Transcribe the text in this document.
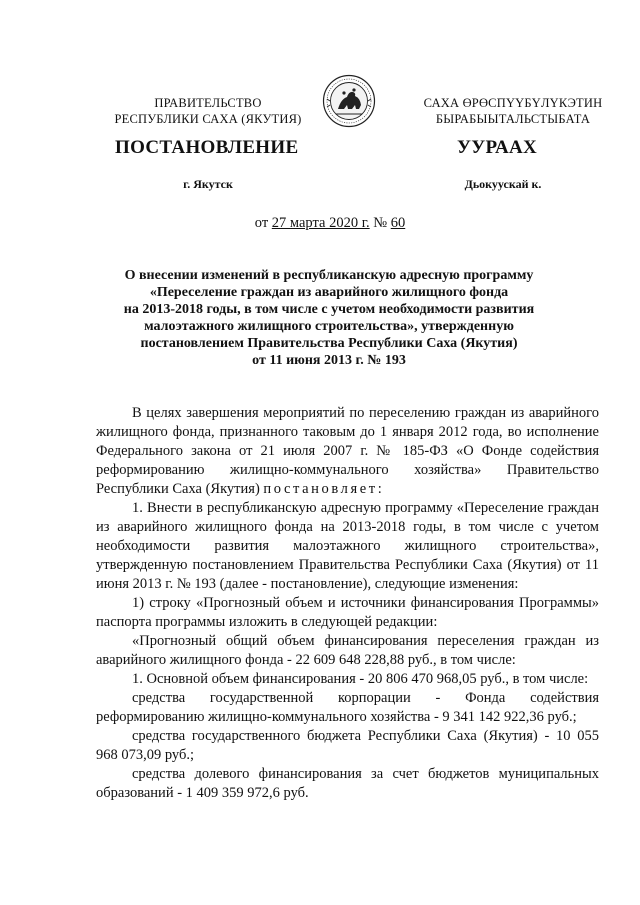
ПРАВИТЕЛЬСТВО
РЕСПУБЛИКИ САХА (ЯКУТИЯ)
САХА ӨРӨСПҮҮБҮЛҮКЭТИН
БЫРАБЫЫТАЛЬСТЫБАТА
ПОСТАНОВЛЕНИЕ	УУРААХ
г. Якутск	Дьокуускай к.
от 27 марта 2020 г. № 60
О внесении изменений в республиканскую адресную программу
«Переселение граждан из аварийного жилищного фонда
на 2013-2018 годы, в том числе с учетом необходимости развития
малоэтажного жилищного строительства», утвержденную
постановлением Правительства Республики Саха (Якутия)
от 11 июня 2013 г. № 193

В целях завершения мероприятий по переселению граждан из аварийного жилищного фонда, признанного таковым до 1 января 2012 года, во исполнение Федерального закона от 21 июля 2007 г. № 185-ФЗ «О Фонде содействия реформированию жилищно-коммунального хозяйства» Правительство Республики Саха (Якутия) постановляет:

1. Внести в республиканскую адресную программу «Переселение граждан из аварийного жилищного фонда на 2013-2018 годы, в том числе с учетом необходимости развития малоэтажного жилищного строительства», утвержденную постановлением Правительства Республики Саха (Якутия) от 11 июня 2013 г. № 193 (далее - постановление), следующие изменения:

1) строку «Прогнозный объем и источники финансирования Программы» паспорта программы изложить в следующей редакции:

«Прогнозный общий объем финансирования переселения граждан из аварийного жилищного фонда - 22 609 648 228,88 руб., в том числе:

1. Основной объем финансирования - 20 806 470 968,05 руб., в том числе:

средства государственной корпорации - Фонда содействия реформированию жилищно-коммунального хозяйства - 9 341 142 922,36 руб.;

средства государственного бюджета Республики Саха (Якутия) - 10 055 968 073,09 руб.;

средства долевого финансирования за счет бюджетов муниципальных образований - 1 409 359 972,6 руб.
